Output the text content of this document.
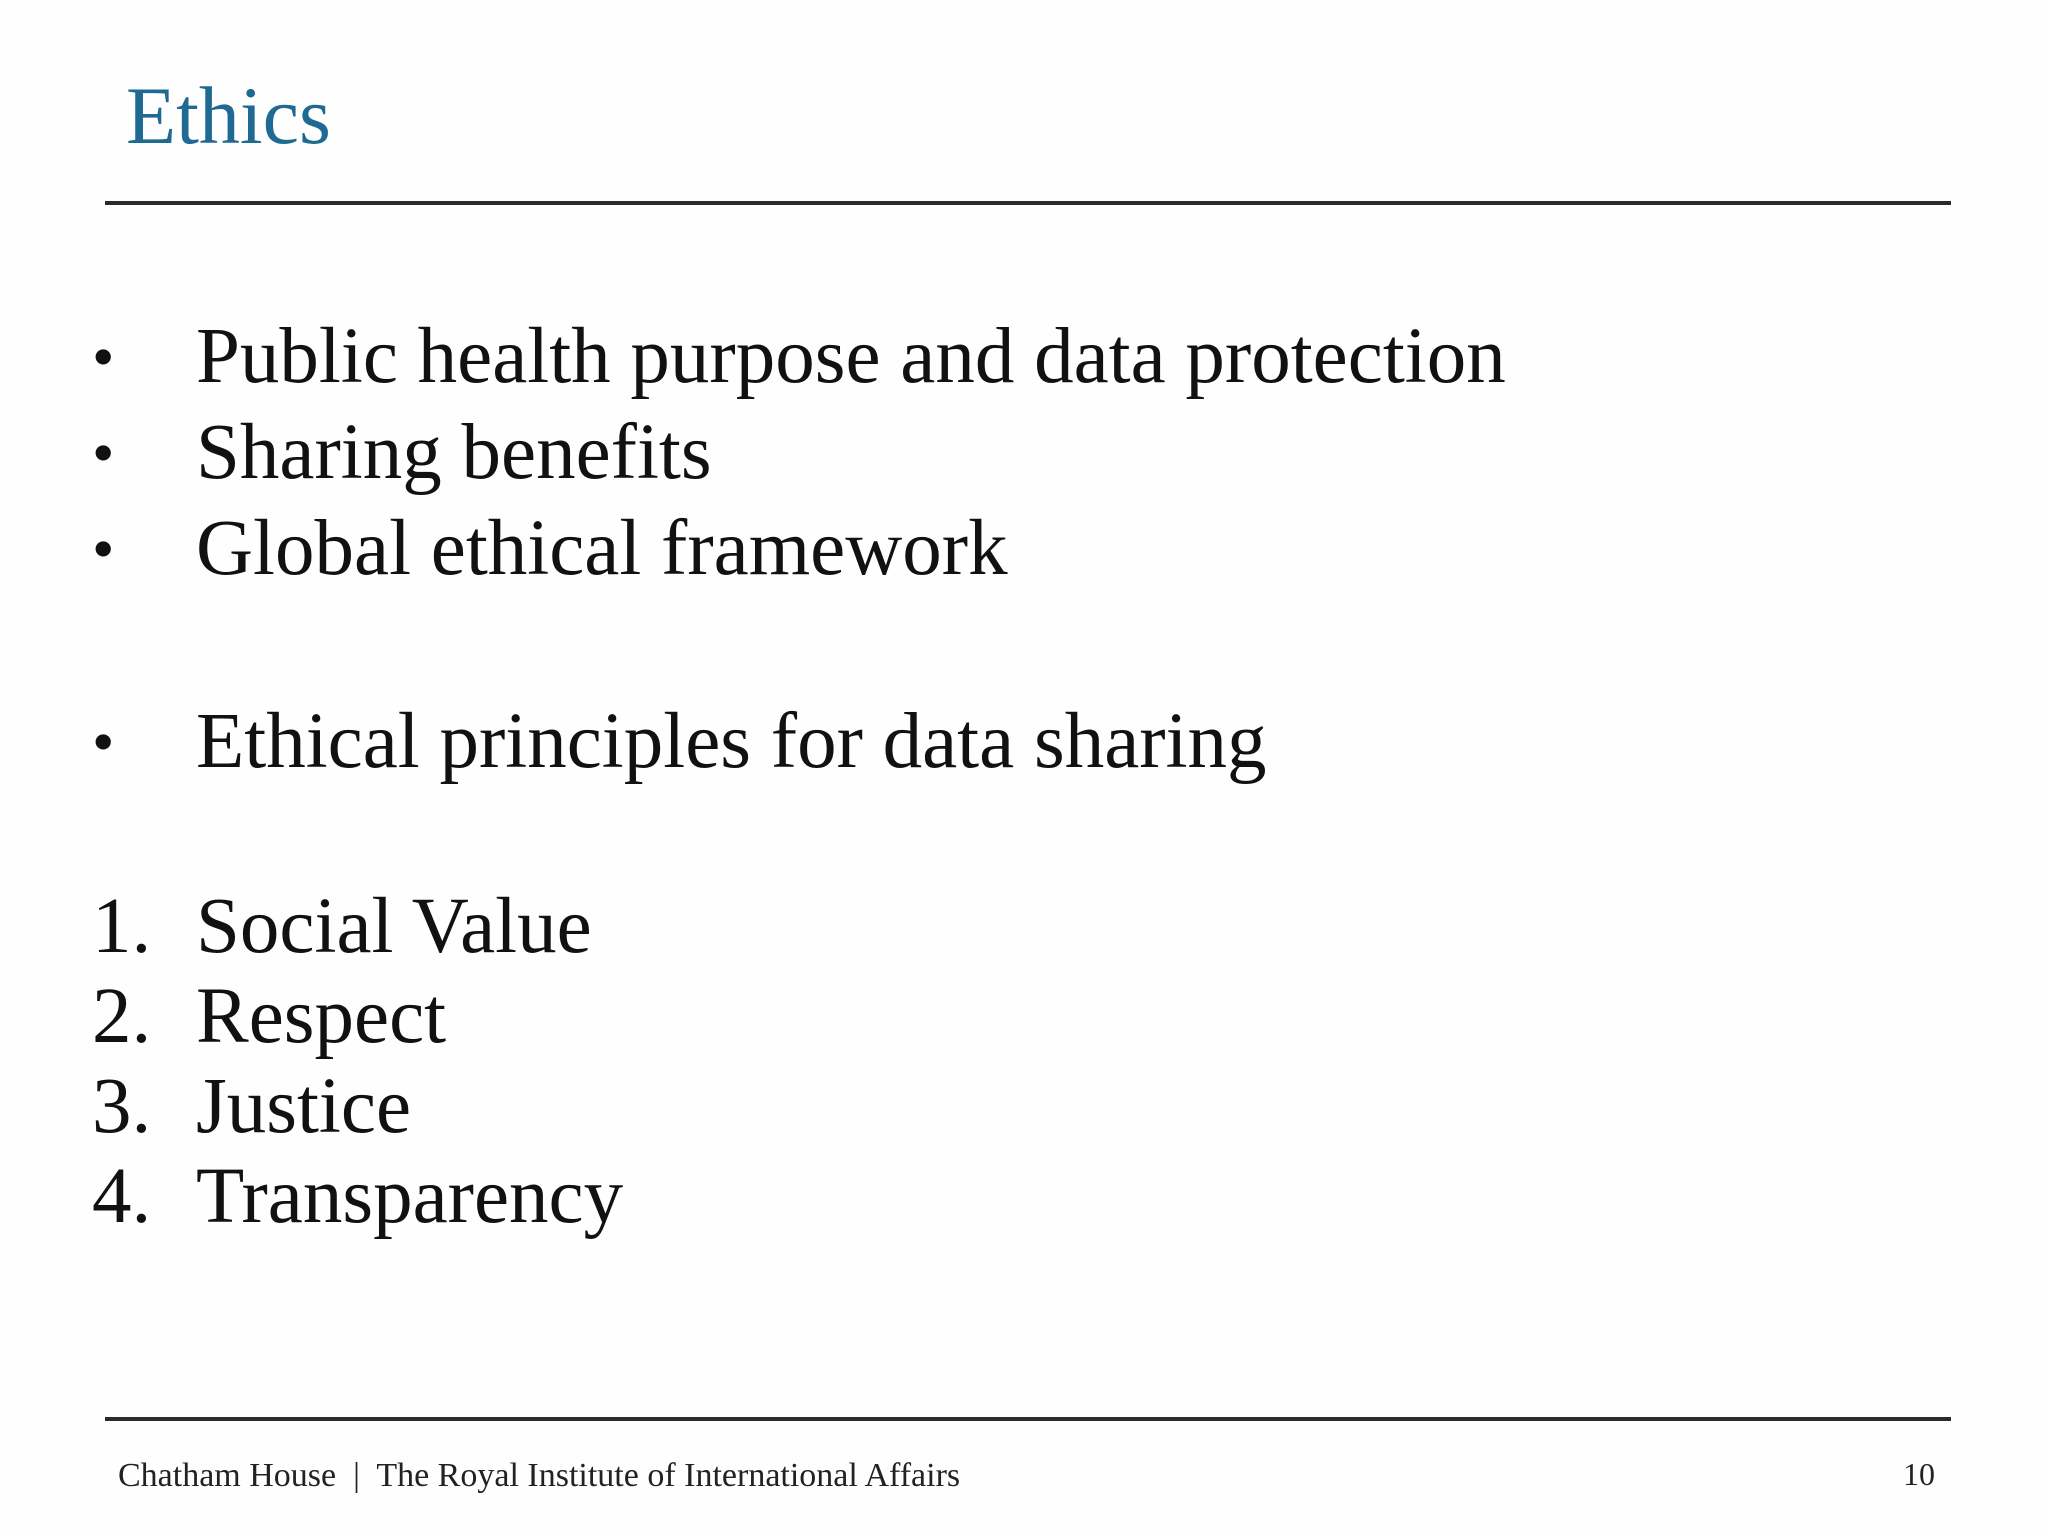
Ethics
•	Public health purpose and data protection
•	Sharing benefits
•	Global ethical framework
•	Ethical principles for data sharing
1. Social Value
2. Respect
3. Justice
4. Transparency
Chatham House  |  The Royal Institute of International Affairs	10
